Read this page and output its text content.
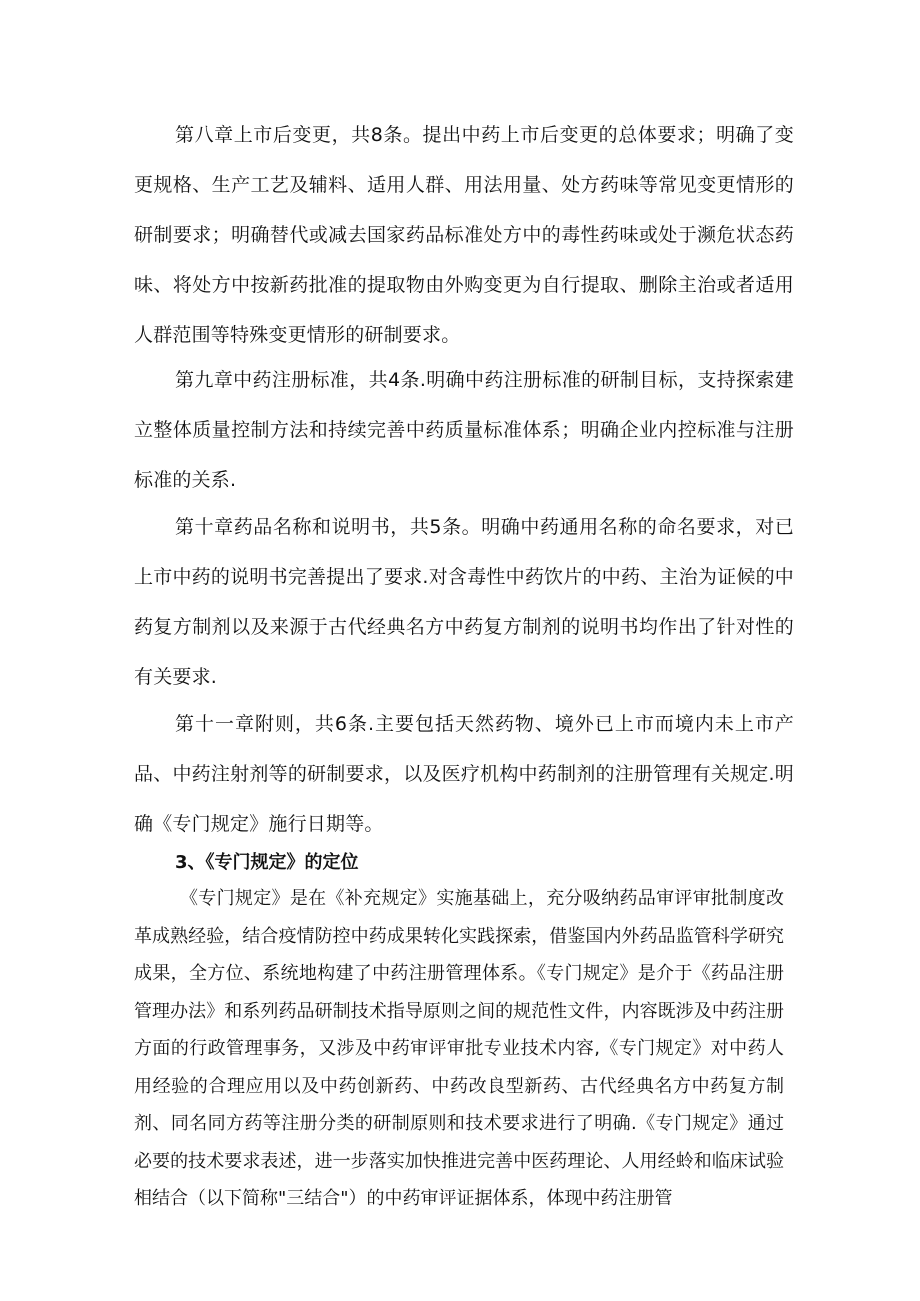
第八章上市后变更，共8条。提出中药上市后变更的总体要求；明确了变更规格、生产工艺及辅料、适用人群、用法用量、处方药味等常见变更情形的研制要求；明确替代或减去国家药品标准处方中的毒性药味或处于濒危状态药味、将处方中按新药批准的提取物由外购变更为自行提取、删除主治或者适用人群范围等特殊变更情形的研制要求。

第九章中药注册标准，共4条.明确中药注册标准的研制目标，支持探索建立整体质量控制方法和持续完善中药质量标准体系；明确企业内控标准与注册标准的关系.

第十章药品名称和说明书，共5条。明确中药通用名称的命名要求，对已上市中药的说明书完善提出了要求.对含毒性中药饮片的中药、主治为证候的中药复方制剂以及来源于古代经典名方中药复方制剂的说明书均作出了针对性的有关要求.

第十一章附则，共6条.主要包括天然药物、境外已上市而境内未上市产品、中药注射剂等的研制要求，以及医疗机构中药制剂的注册管理有关规定.明确《专门规定》施行日期等。

3、《专门规定》的定位

《专门规定》是在《补充规定》实施基础上，充分吸纳药品审评审批制度改革成熟经验，结合疫情防控中药成果转化实践探索，借鉴国内外药品监管科学研究成果，全方位、系统地构建了中药注册管理体系。《专门规定》是介于《药品注册管理办法》和系列药品研制技术指导原则之间的规范性文件，内容既涉及中药注册方面的行政管理事务，又涉及中药审评审批专业技术内容,《专门规定》对中药人用经验的合理应用以及中药创新药、中药改良型新药、古代经典名方中药复方制剂、同名同方药等注册分类的研制原则和技术要求进行了明确.《专门规定》通过必要的技术要求表述，进一步落实加快推进完善中医药理论、人用经蛉和临床试验相结合（以下简称"三结合"）的中药审评证据体系，体现中药注册管
